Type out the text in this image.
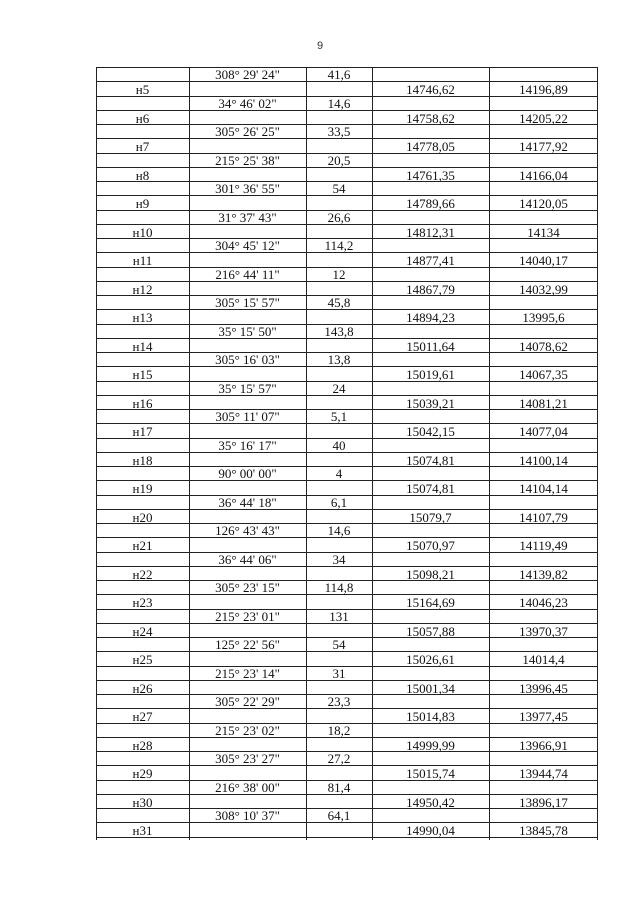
9
308° 29' 24"	41,6
н5	14746,62	14196,89
34° 46' 02"	14,6
н6	14758,62	14205,22
305° 26' 25"	33,5
н7	14778,05	14177,92
215° 25' 38"	20,5
н8	14761,35	14166,04
301° 36' 55"	54
н9	14789,66	14120,05
31° 37' 43"	26,6
н10	14812,31	14134
304° 45' 12"	114,2
н11	14877,41	14040,17
216° 44' 11"	12
н12	14867,79	14032,99
305° 15' 57"	45,8
н13	14894,23	13995,6
35° 15' 50"	143,8
н14	15011,64	14078,62
305° 16' 03"	13,8
н15	15019,61	14067,35
35° 15' 57"	24
н16	15039,21	14081,21
305° 11' 07"	5,1
н17	15042,15	14077,04
35° 16' 17"	40
н18	15074,81	14100,14
90° 00' 00"	4
н19	15074,81	14104,14
36° 44' 18"	6,1
н20	15079,7	14107,79
126° 43' 43"	14,6
н21	15070,97	14119,49
36° 44' 06"	34
н22	15098,21	14139,82
305° 23' 15"	114,8
н23	15164,69	14046,23
215° 23' 01"	131
н24	15057,88	13970,37
125° 22' 56"	54
н25	15026,61	14014,4
215° 23' 14"	31
н26	15001,34	13996,45
305° 22' 29"	23,3
н27	15014,83	13977,45
215° 23' 02"	18,2
н28	14999,99	13966,91
305° 23' 27"	27,2
н29	15015,74	13944,74
216° 38' 00"	81,4
н30	14950,42	13896,17
308° 10' 37"	64,1
н31	14990,04	13845,78
